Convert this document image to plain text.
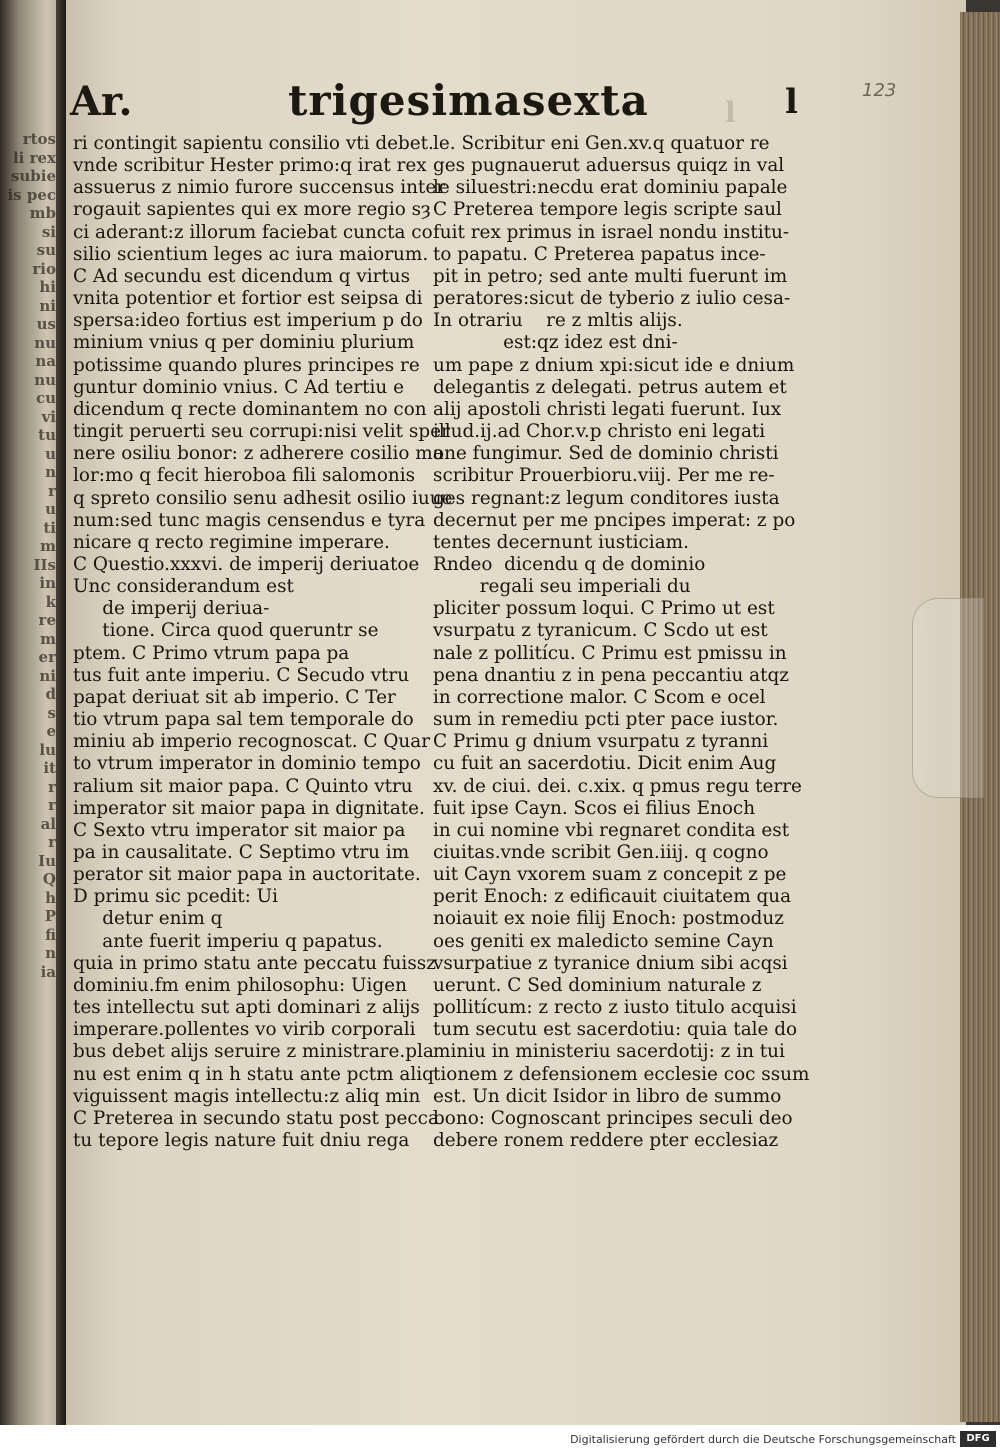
rtos
li rex
subie
is pec
mb
si
su
rio
hi
ni
us
nu
na
nu
cu
vi
tu
u
n
r
u
ti
m
IIs
in
k
re
m
er
ni
d
s
e
lu
it
r
r
al
r
Iu
Q
h
P
fi
n
ia
Ar.	trigesimasexta	l l	123
ri contingit sapientu consilio vti debet.
vnde scribitur Hester primo:q irat rex
assuerus z nimio furore succensus inter
rogauit sapientes qui ex more regio sȝ
ci aderant:z illorum faciebat cuncta co
silio scientium leges ac iura maiorum.
C Ad secundu est dicendum q virtus
vnita potentior et fortior est seipsa di
spersa:ideo fortius est imperium p do
minium vnius q per dominiu plurium
potissime quando plures principes re
guntur dominio vnius. C Ad tertiu e
dicendum q recte dominantem no con
tingit peruerti seu corrupi:nisi velit sper
nere osiliu bonor: z adherere cosilio ma
lor:mo q fecit hieroboa fili salomonis
q spreto consilio senu adhesit osilio iuue
num:sed tunc magis censendus e tyra
nicare q recto regimine imperare.
C Questio.xxxvi. de imperij deriuatoe
Unc considerandum est
de imperij deriua-
tione. Circa quod queruntr se
ptem. C Primo vtrum papa pa
tus fuit ante imperiu. C Secudo vtru
papat deriuat sit ab imperio. C Ter
tio vtrum papa sal tem temporale do
miniu ab imperio recognoscat. C Quar
to vtrum imperator in dominio tempo
ralium sit maior papa. C Quinto vtru
imperator sit maior papa in dignitate.
C Sexto vtru imperator sit maior pa
pa in causalitate. C Septimo vtru im
perator sit maior papa in auctoritate.
D primu sic pcedit: Ui
detur enim q
ante fuerit imperiu q papatus.
quia in primo statu ante peccatu fuissz
dominiu.fm enim philosophu: Uigen
tes intellectu sut apti dominari z alijs
imperare.pollentes vo virib corporali
bus debet alijs seruire z ministrare.pla
nu est enim q in h statu ante pctm aliq
viguissent magis intellectu:z aliq min
C Preterea in secundo statu post pecca
tu tepore legis nature fuit dniu rega
le. Scribitur eni Gen.xv.q quatuor re
ges pugnauerut aduersus quiqz in val
le siluestri:necdu erat dominiu papale
C Preterea tempore legis scripte saul
fuit rex primus in israel nondu institu-
to papatu. C Preterea papatus ince-
pit in petro; sed ante multi fuerunt im
peratores:sicut de tyberio z iulio cesa-
In otrariu    re z mltis alijs.
est:qz idez est dni-
um pape z dnium xpi:sicut ide e dnium
delegantis z delegati. petrus autem et
alij apostoli christi legati fuerunt. Iux
illud.ij.ad Chor.v.p christo eni legati
one fungimur. Sed de dominio christi
scribitur Prouerbioru.viij. Per me re-
ges regnant:z legum conditores iusta
decernut per me pncipes imperat: z po
tentes decernunt iusticiam.
Rndeo  dicendu q de dominio
regali seu imperiali du
pliciter possum loqui. C Primo ut est
vsurpatu z tyranicum. C Scdo ut est
nale z pollitícu. C Primu est pmissu in
pena dnantiu z in pena peccantiu atqz
in correctione malor. C Scom e ocel
sum in remediu pcti pter pace iustor.
C Primu g dnium vsurpatu z tyranni
cu fuit an sacerdotiu. Dicit enim Aug
xv. de ciui. dei. c.xix. q pmus regu terre
fuit ipse Cayn. Scos ei filius Enoch
in cui nomine vbi regnaret condita est
ciuitas.vnde scribit Gen.iiij. q cogno
uit Cayn vxorem suam z concepit z pe
perit Enoch: z edificauit ciuitatem qua
noiauit ex noie filij Enoch: postmoduz
oes geniti ex maledicto semine Cayn
vsurpatiue z tyranice dnium sibi acqsi
uerunt. C Sed dominium naturale z
pollitícum: z recto z iusto titulo acquisi
tum secutu est sacerdotiu: quia tale do
miniu in ministeriu sacerdotij: z in tui
tionem z defensionem ecclesie coc ssum
est. Un dicit Isidor in libro de summo
bono: Cognoscant principes seculi deo
debere ronem reddere pter ecclesiaz
Digitalisierung gefördert durch die Deutsche Forschungsgemeinschaft	DFG
